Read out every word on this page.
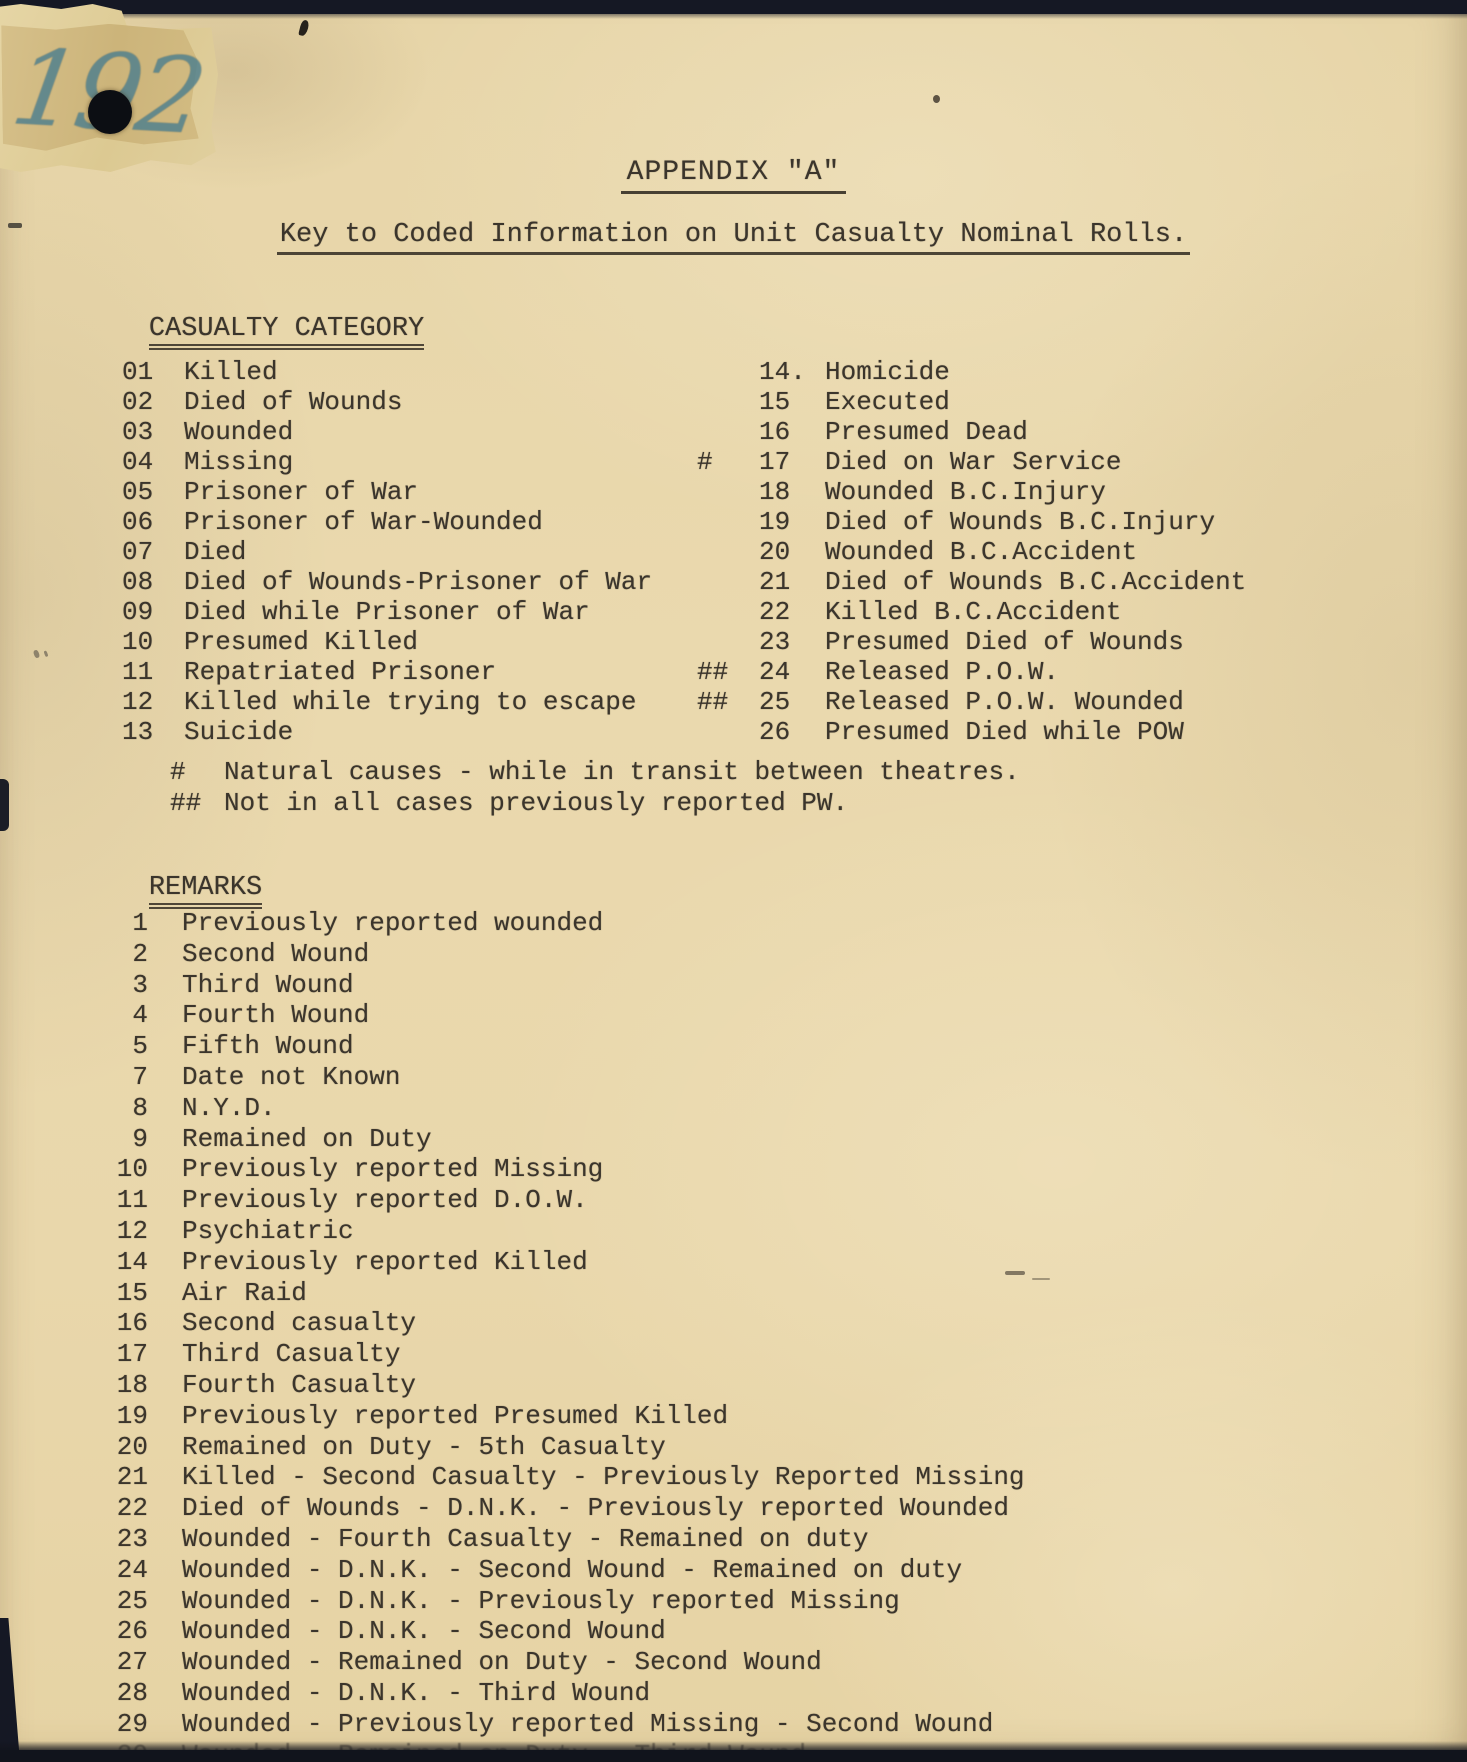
APPENDIX "A"
Key to Coded Information on Unit Casualty Nominal Rolls.

CASUALTY CATEGORY

01	Killed	14. Homicide
02	Died of Wounds	15	Executed
03	Wounded	16	Presumed Dead
04	Missing	#	17	Died on War Service
05	Prisoner of War	18	Wounded B.C.Injury
06	Prisoner of War-Wounded	19	Died of Wounds B.C.Injury
07	Died	20	Wounded B.C.Accident
08	Died of Wounds-Prisoner of War	21	Died of Wounds B.C.Accident
09	Died while Prisoner of War	22	Killed B.C.Accident
10	Presumed Killed	23	Presumed Died of Wounds
11	Repatriated Prisoner	##	24	Released P.O.W.
12	Killed while trying to escape	##	25	Released P.O.W. Wounded
13	Suicide	26	Presumed Died while POW
#	Natural causes - while in transit between theatres.
## Not in all cases previously reported PW.

REMARKS

1 Previously reported wounded
2 Second Wound
3 Third Wound
4 Fourth Wound
5 Fifth Wound
7 Date not Known
8 N.Y.D.
9 Remained on Duty
10 Previously reported Missing
11 Previously reported D.O.W.
12 Psychiatric
14 Previously reported Killed
15 Air Raid
16 Second casualty
17 Third Casualty
18 Fourth Casualty
19 Previously reported Presumed Killed
20 Remained on Duty - 5th Casualty
21 Killed - Second Casualty - Previously Reported Missing
22 Died of Wounds - D.N.K. - Previously reported Wounded
23 Wounded - Fourth Casualty - Remained on duty
24 Wounded - D.N.K. - Second Wound - Remained on duty
25 Wounded - D.N.K. - Previously reported Missing
26 Wounded - D.N.K. - Second Wound
27 Wounded - Remained on Duty - Second Wound
28 Wounded - D.N.K. - Third Wound
29 Wounded - Previously reported Missing - Second Wound
